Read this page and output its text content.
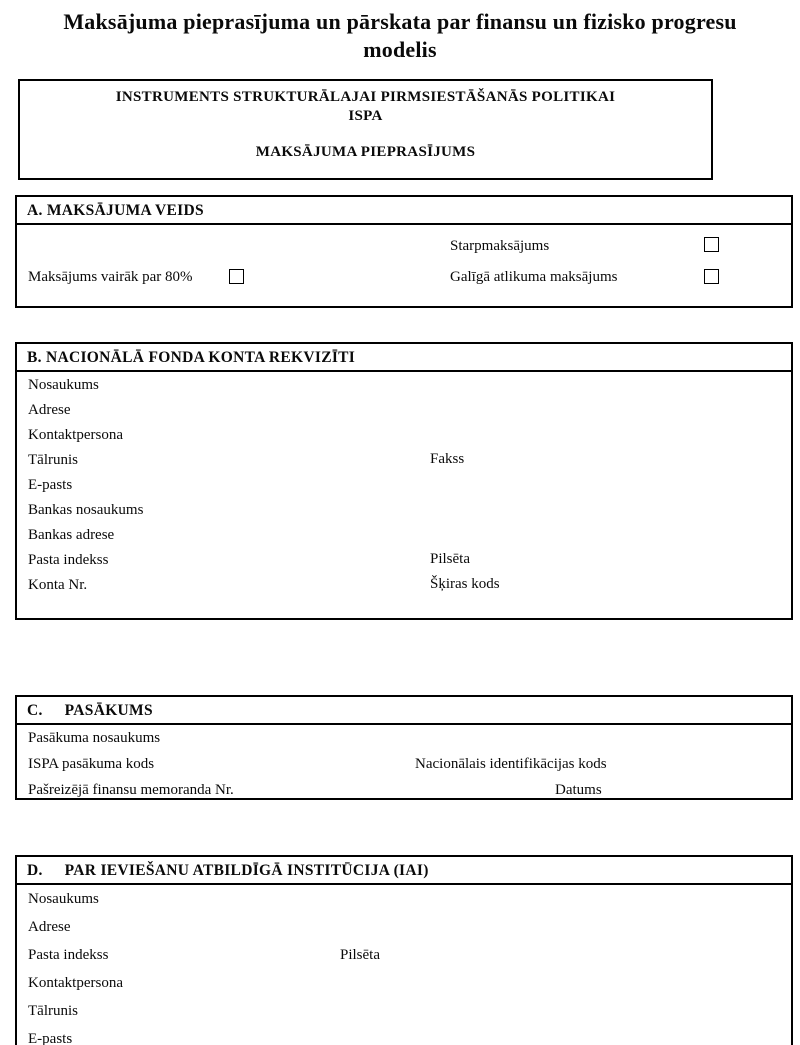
Maksājuma pieprasījuma un pārskata par finansu un fizisko progresu
modelis
INSTRUMENTS STRUKTURĀLAJAI PIRMSIESTĀŠANĀS POLITIKAI
ISPA
MAKSĀJUMA PIEPRASĪJUMS
A. MAKSĀJUMA VEIDS
Starpmaksājums
Maksājums vairāk par 80%	Galīgā atlikuma maksājums
B. NACIONĀLĀ FONDA KONTA REKVIZĪTI
Nosaukums
Adrese
Kontaktpersona
Tālrunis	Fakss
E-pasts
Bankas nosaukums
Bankas adrese
Pasta indekss	Pilsēta
Konta Nr.	Šķiras kods
C. PASĀKUMS
Pasākuma nosaukums
ISPA pasākuma kods	Nacionālais identifikācijas kods
Pašreizējā finansu memoranda Nr.	Datums
D. PAR IEVIEŠANU ATBILDĪGĀ INSTITŪCIJA (IAI)
Nosaukums
Adrese
Pasta indekss	Pilsēta
Kontaktpersona
Tālrunis
E-pasts
